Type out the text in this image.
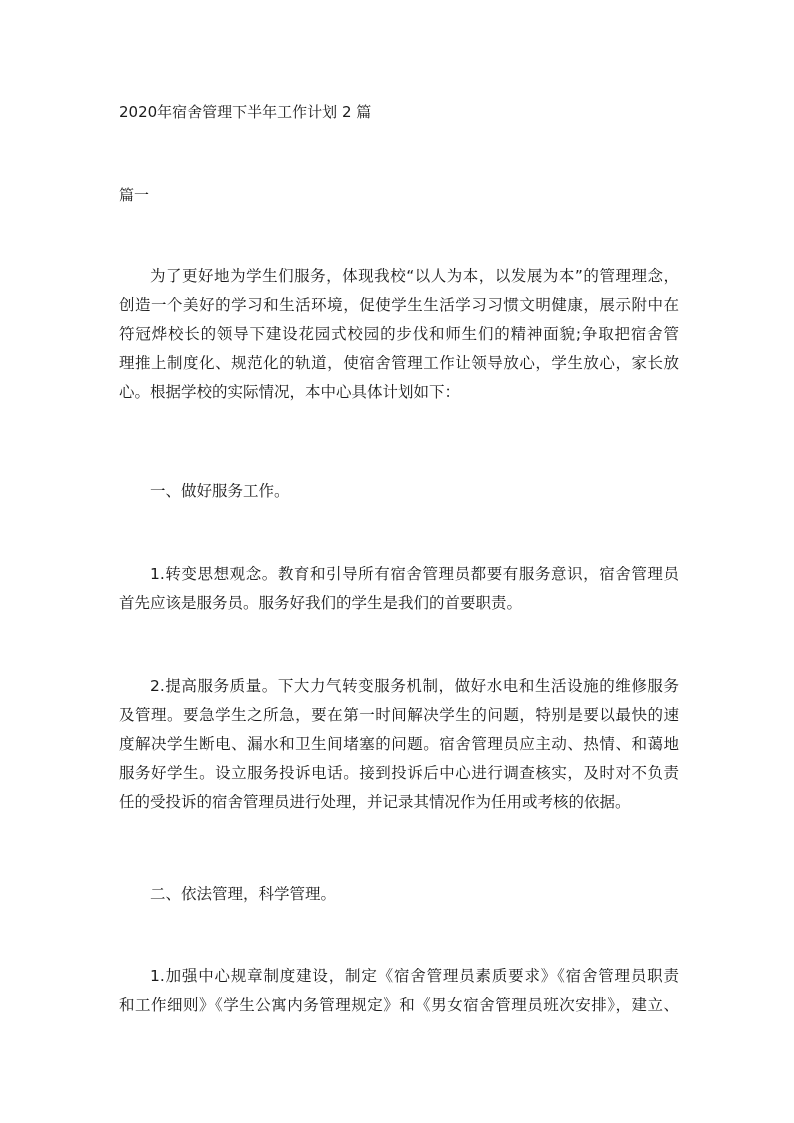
2020年宿舍管理下半年工作计划 2 篇
篇一

为了更好地为学生们服务，体现我校“以人为本，以发展为本”的管理理念，
创造一个美好的学习和生活环境，促使学生生活学习习惯文明健康，展示附中在
符冠烨校长的领导下建设花园式校园的步伐和师生们的精神面貌;争取把宿舍管
理推上制度化、规范化的轨道，使宿舍管理工作让领导放心，学生放心，家长放
心。根据学校的实际情况，本中心具体计划如下：

一、做好服务工作。

1.转变思想观念。教育和引导所有宿舍管理员都要有服务意识，宿舍管理员
首先应该是服务员。服务好我们的学生是我们的首要职责。

2.提高服务质量。下大力气转变服务机制，做好水电和生活设施的维修服务
及管理。要急学生之所急，要在第一时间解决学生的问题，特别是要以最快的速
度解决学生断电、漏水和卫生间堵塞的问题。宿舍管理员应主动、热情、和蔼地
服务好学生。设立服务投诉电话。接到投诉后中心进行调查核实，及时对不负责
任的受投诉的宿舍管理员进行处理，并记录其情况作为任用或考核的依据。

二、依法管理，科学管理。

1.加强中心规章制度建设，制定《宿舍管理员素质要求》《宿舍管理员职责
和工作细则》《学生公寓内务管理规定》和《男女宿舍管理员班次安排》，建立、
